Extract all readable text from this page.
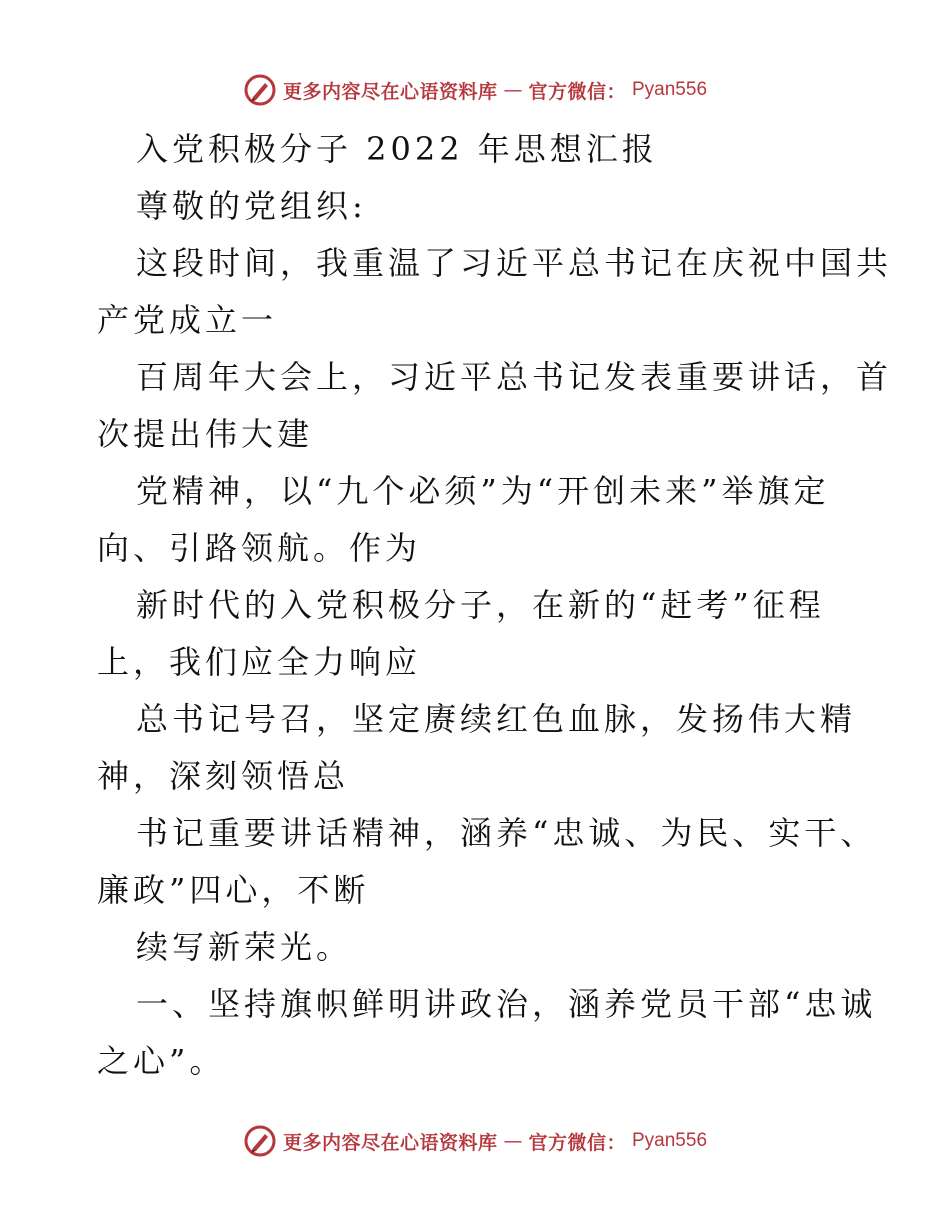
更多内容尽在心语资料库 — 官方微信： Pyan556
入党积极分子 2022 年思想汇报
尊敬的党组织:
这段时间，我重温了习近平总书记在庆祝中国共
产党成立一
百周年大会上，习近平总书记发表重要讲话，首
次提出伟大建
党精神，以“九个必须”为“开创未来”举旗定
向、引路领航。作为
新时代的入党积极分子，在新的“赶考”征程
上，我们应全力响应
总书记号召，坚定赓续红色血脉，发扬伟大精
神，深刻领悟总
书记重要讲话精神，涵养“忠诚、为民、实干、
廉政”四心，不断
续写新荣光。
一、坚持旗帜鲜明讲政治，涵养党员干部“忠诚
之心”。
更多内容尽在心语资料库 — 官方微信： Pyan556
